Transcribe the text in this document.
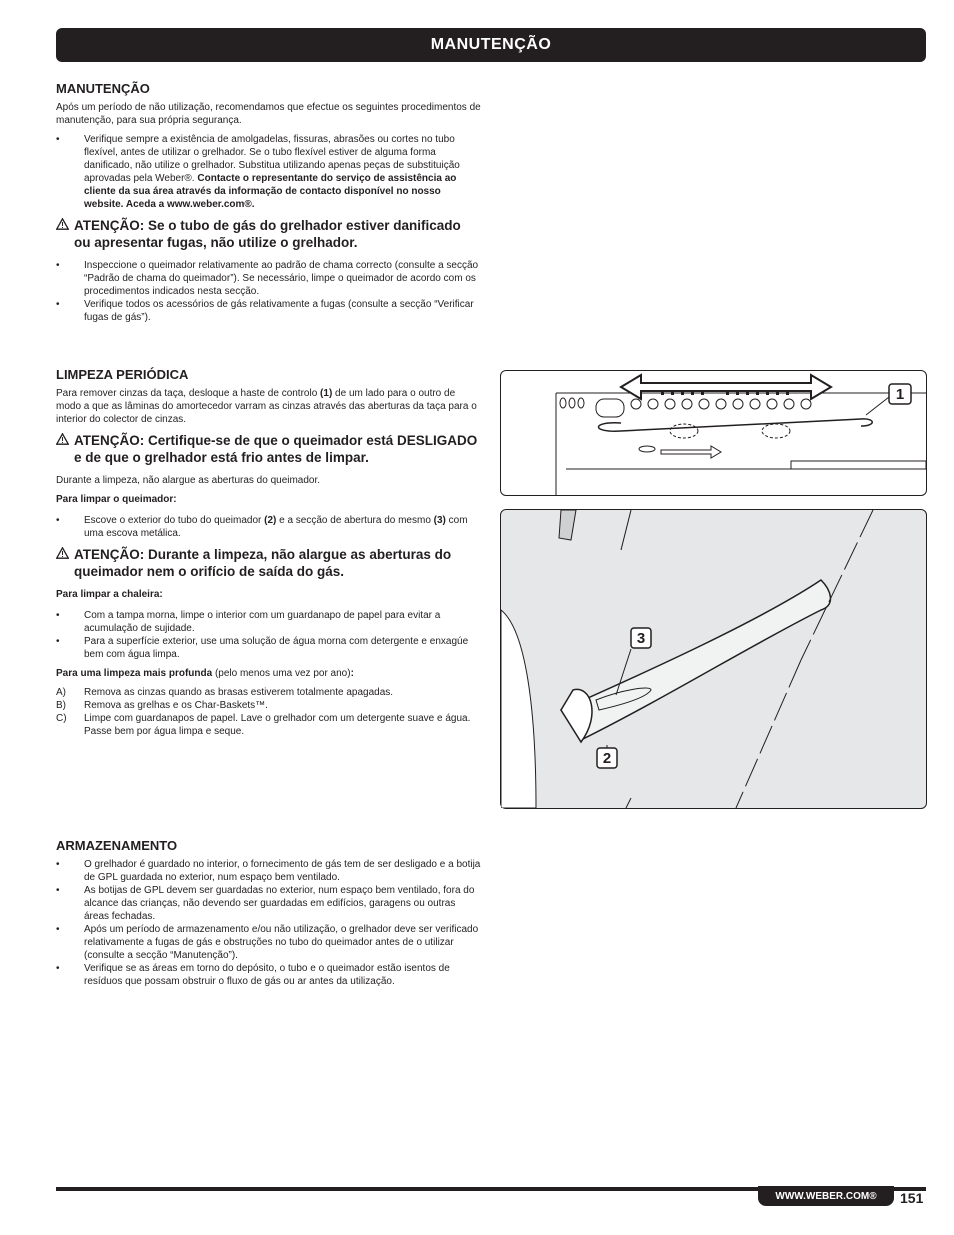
MANUTENÇÃO
MANUTENÇÃO

Após um período de não utilização, recomendamos que efectue os seguintes procedimentos de manutenção, para sua própria segurança.

• Verifique sempre a existência de amolgadelas, fissuras, abrasões ou cortes no tubo flexível, antes de utilizar o grelhador. Se o tubo flexível estiver de alguma forma danificado, não utilize o grelhador. Substitua utilizando apenas peças de substituição aprovadas pela Weber®. Contacte o representante do serviço de assistência ao cliente da sua área através da informação de contacto disponível no nosso website. Aceda a www.weber.com®.
ATENÇÃO: Se o tubo de gás do grelhador estiver danificado ou apresentar fugas, não utilize o grelhador.
• Inspeccione o queimador relativamente ao padrão de chama correcto (consulte a secção “Padrão de chama do queimador”). Se necessário, limpe o queimador de acordo com os procedimentos indicados nesta secção.
• Verifique todos os acessórios de gás relativamente a fugas (consulte a secção “Verificar fugas de gás”).
LIMPEZA PERIÓDICA

Para remover cinzas da taça, desloque a haste de controlo (1) de um lado para o outro de modo a que as lâminas do amortecedor varram as cinzas através das aberturas da taça para o interior do colector de cinzas.

ATENÇÃO: Certifique-se de que o queimador está DESLIGADO e de que o grelhador está frio antes de limpar.

Durante a limpeza, não alargue as aberturas do queimador.

Para limpar o queimador:

• Escove o exterior do tubo do queimador (2) e a secção de abertura do mesmo (3) com uma escova metálica.
ATENÇÃO: Durante a limpeza, não alargue as aberturas do queimador nem o orifício de saída do gás.

Para limpar a chaleira:

• Com a tampa morna, limpe o interior com um guardanapo de papel para evitar a acumulação de sujidade.
• Para a superfície exterior, use uma solução de água morna com detergente e enxagúe bem com água limpa.

Para uma limpeza mais profunda (pelo menos uma vez por ano):

A) Remova as cinzas quando as brasas estiverem totalmente apagadas.
B) Remova as grelhas e os Char-Baskets™.
C) Limpe com guardanapos de papel. Lave o grelhador com um detergente suave e água. Passe bem por água limpa e seque.
ARMAZENAMENTO
• O grelhador é guardado no interior, o fornecimento de gás tem de ser desligado e a botija de GPL guardada no exterior, num espaço bem ventilado.
• As botijas de GPL devem ser guardadas no exterior, num espaço bem ventilado, fora do alcance das crianças, não devendo ser guardadas em edifícios, garagens ou outras áreas fechadas.
• Após um período de armazenamento e/ou não utilização, o grelhador deve ser verificado relativamente a fugas de gás e obstruções no tubo do queimador antes de o utilizar (consulte a secção “Manutenção”).
• Verifique se as áreas em torno do depósito, o tubo e o queimador estão isentos de resíduos que possam obstruir o fluxo de gás ou ar antes da utilização.
1
3
2
WWW.WEBER.COM® 151
